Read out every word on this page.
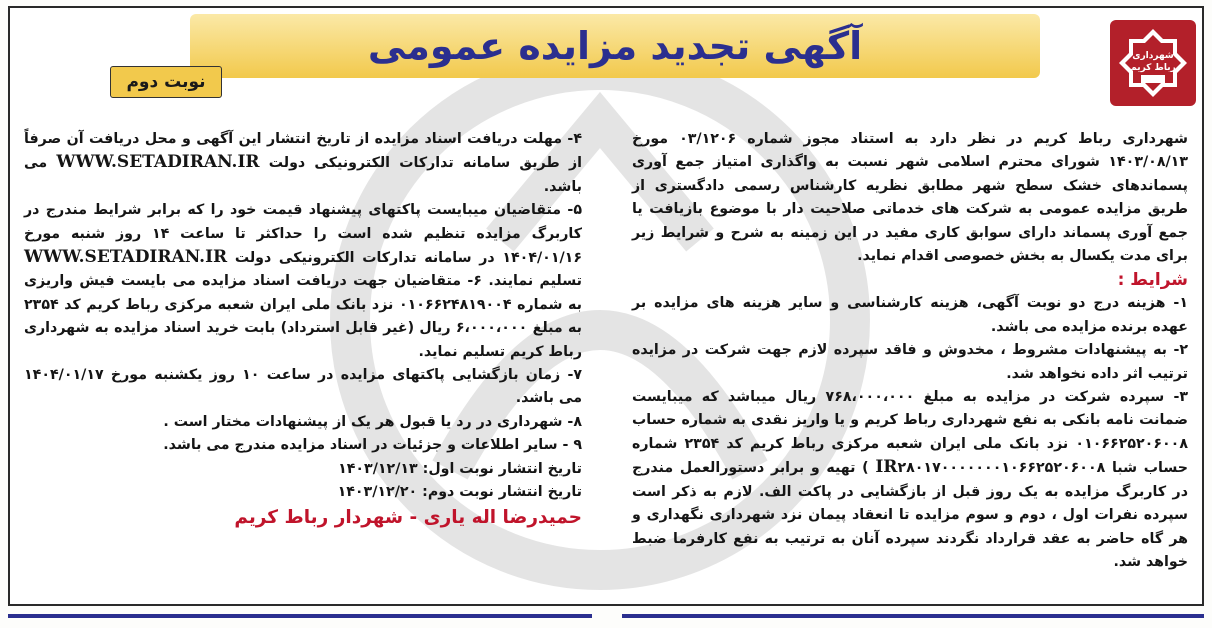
آگهی تجدید مزایده عمومی	شهرداری
رباط کریم
نوبت دوم

شهرداری رباط کریم در نظر دارد به استناد مجوز شماره ۰۳/۱۲۰۶ مورخ ۱۴۰۳/۰۸/۱۳ شورای محترم اسلامی شهر نسبت به واگذاری امتیاز جمع آوری پسماندهای خشک سطح شهر مطابق نظریه کارشناس رسمی دادگستری از طریق مزایده عمومی به شرکت های خدماتی صلاحیت دار با موضوع بازیافت یا جمع آوری پسماند دارای سوابق کاری مفید در این زمینه به شرح و شرایط زیر برای مدت یکسال به بخش خصوصی اقدام نماید.

شرایط :

۱- هزینه درج دو نوبت آگهی، هزینه کارشناسی و سایر هزینه های مزایده بر عهده برنده مزایده می باشد.

۲- به پیشنهادات مشروط ، مخدوش و فاقد سپرده لازم جهت شرکت در مزایده ترتیب اثر داده نخواهد شد.

۳- سپرده شرکت در مزایده به مبلغ ۷۶۸،۰۰۰،۰۰۰ ریال میباشد که میبایست ضمانت نامه بانکی به نفع شهرداری رباط کریم و یا واریز نقدی به شماره حساب ۰۱۰۶۶۲۵۲۰۶۰۰۸ نزد بانک ملی ایران شعبه مرکزی رباط کریم کد ۲۳۵۴ شماره حساب شبا ۲۸۰۱۷۰۰۰۰۰۰۰۱۰۶۶۲۵۲۰۶۰۰۸IR ) تهیه و برابر دستورالعمل مندرج در کاربرگ مزایده به یک روز قبل از بازگشایی در پاکت الف. لازم به ذکر است سپرده نفرات اول ، دوم و سوم مزایده تا انعقاد پیمان نزد شهرداری نگهداری و هر گاه حاضر به عقد قرارداد نگردند سپرده آنان به ترتیب به نفع کارفرما ضبط خواهد شد.

۴- مهلت دریافت اسناد مزایده از تاریخ انتشار این آگهی و محل دریافت آن صرفاً از طریق سامانه تدارکات الکترونیکی دولت WWW.SETADIRAN.IR می باشد.

۵- متقاضیان میبایست پاکتهای پیشنهاد قیمت خود را که برابر شرایط مندرج در کاربرگ مزایده تنظیم شده است را حداکثر تا ساعت ۱۴ روز شنبه مورخ ۱۴۰۴/۰۱/۱۶ در سامانه تدارکات الکترونیکی دولت WWW.SETADIRAN.IR تسلیم نمایند. ۶- متقاضیان جهت دریافت اسناد مزایده می بایست فیش واریزی به شماره ۰۱۰۶۶۲۴۸۱۹۰۰۴ نزد بانک ملی ایران شعبه مرکزی رباط کریم کد ۲۳۵۴ به مبلغ ۶،۰۰۰،۰۰۰ ریال (غیر قابل استرداد) بابت خرید اسناد مزایده به شهرداری رباط کریم تسلیم نماید.

۷- زمان بازگشایی پاکتهای مزایده در ساعت ۱۰ روز یکشنبه مورخ ۱۴۰۴/۰۱/۱۷ می باشد.

۸- شهرداری در رد یا قبول هر یک از پیشنهادات مختار است .

۹ - سایر اطلاعات و جزئیات در اسناد مزایده مندرج می باشد.

تاریخ انتشار نوبت اول: ۱۴۰۳/۱۲/۱۳

تاریخ انتشار نوبت دوم: ۱۴۰۳/۱۲/۲۰

حمیدرضا اله یاری - شهردار رباط کریم
